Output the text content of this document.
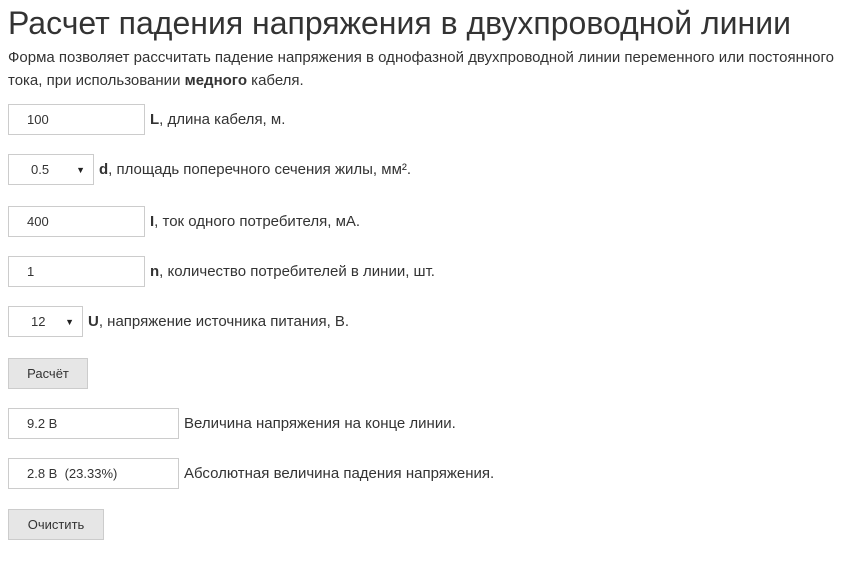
Расчет падения напряжения в двухпроводной линии

Форма позволяет рассчитать падение напряжения в однофазной двухпроводной линии переменного или постоянного тока, при использовании медного кабеля.

100
L, длина кабеля, м.
0.5	▼ d, площадь поперечного сечения жилы, мм².
400
I, ток одного потребителя, мА.
1
n, количество потребителей в линии, шт.
12 ▼ U, напряжение источника питания, В.
Расчёт
9.2 В
Величина напряжения на конце линии.
2.8 В (23.33%)
Абсолютная величина падения напряжения.
Очистить
